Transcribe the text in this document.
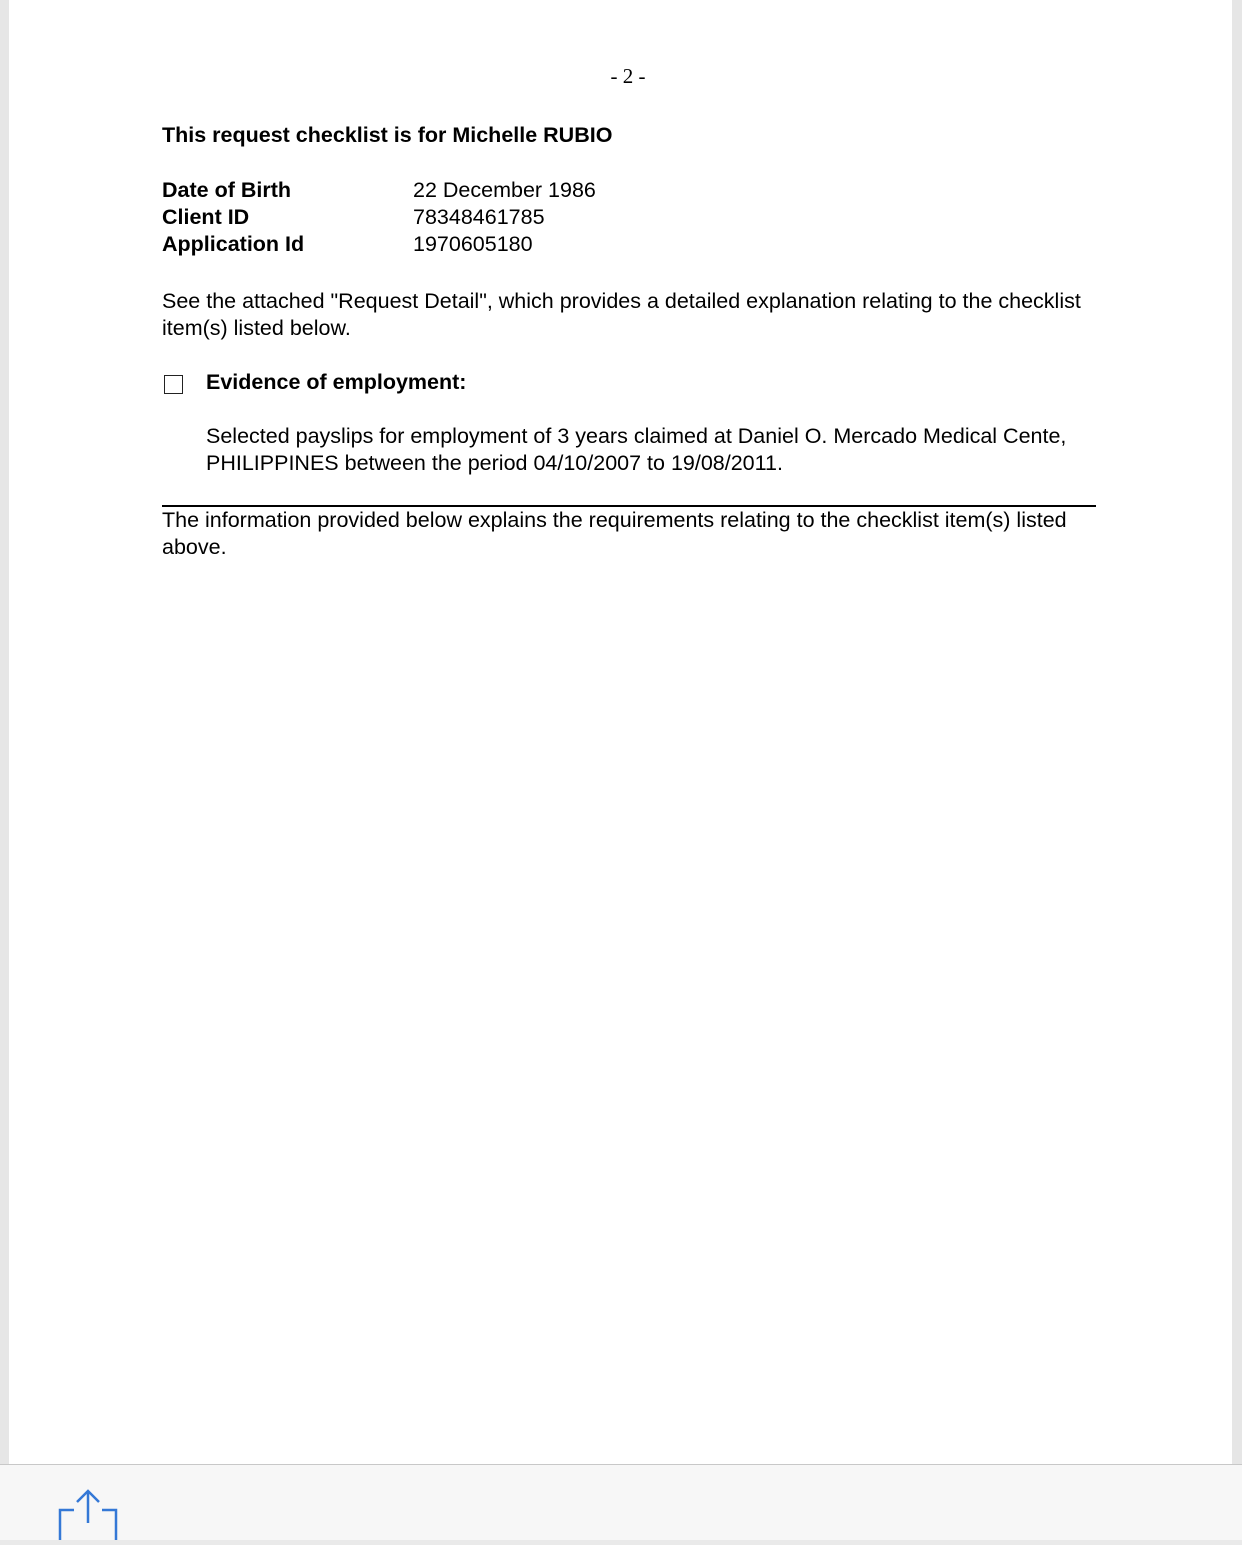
- 2 -

This request checklist is for Michelle RUBIO

Date of Birth	22 December 1986
Client ID	78348461785
Application Id	1970605180

See the attached "Request Detail", which provides a detailed explanation relating to the checklist item(s) listed below.

Evidence of employment:

Selected payslips for employment of 3 years claimed at Daniel O. Mercado Medical Cente, PHILIPPINES between the period 04/10/2007 to 19/08/2011.

The information provided below explains the requirements relating to the checklist item(s) listed above.
